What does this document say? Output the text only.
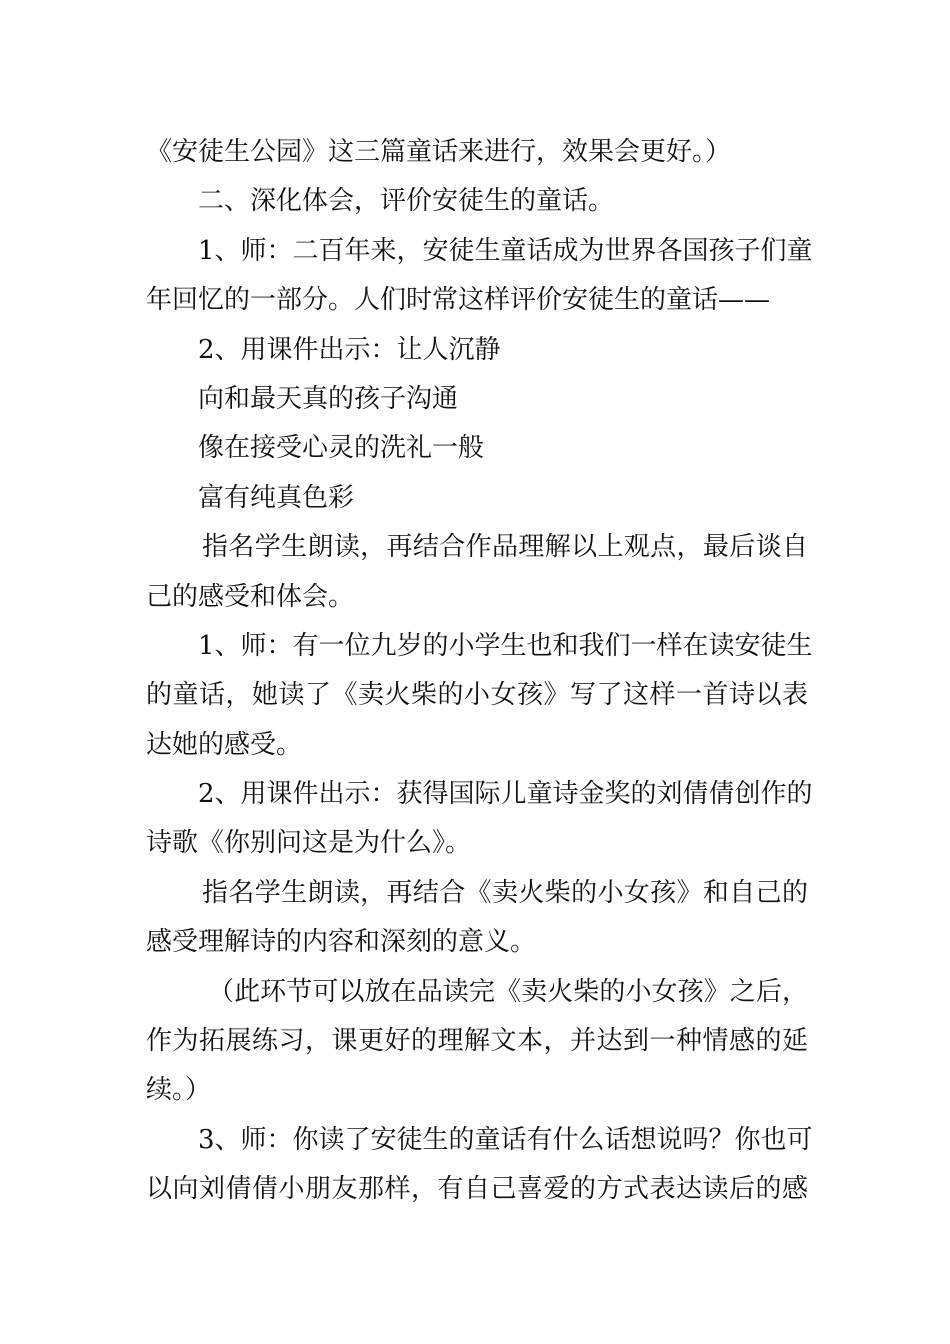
《安徒生公园》这三篇童话来进行，效果会更好。）
二、深化体会，评价安徒生的童话。
1、师：二百年来，安徒生童话成为世界各国孩子们童
年回忆的一部分。人们时常这样评价安徒生的童话——
2、用课件出示：让人沉静
向和最天真的孩子沟通
像在接受心灵的洗礼一般
富有纯真色彩
指名学生朗读，再结合作品理解以上观点，最后谈自
己的感受和体会。
1、师：有一位九岁的小学生也和我们一样在读安徒生
的童话，她读了《卖火柴的小女孩》写了这样一首诗以表
达她的感受。
2、用课件出示：获得国际儿童诗金奖的刘倩倩创作的
诗歌《你别问这是为什么》。
指名学生朗读，再结合《卖火柴的小女孩》和自己的
感受理解诗的内容和深刻的意义。
（此环节可以放在品读完《卖火柴的小女孩》之后，
作为拓展练习，课更好的理解文本，并达到一种情感的延
续。）
3、师：你读了安徒生的童话有什么话想说吗？你也可
以向刘倩倩小朋友那样，有自己喜爱的方式表达读后的感
